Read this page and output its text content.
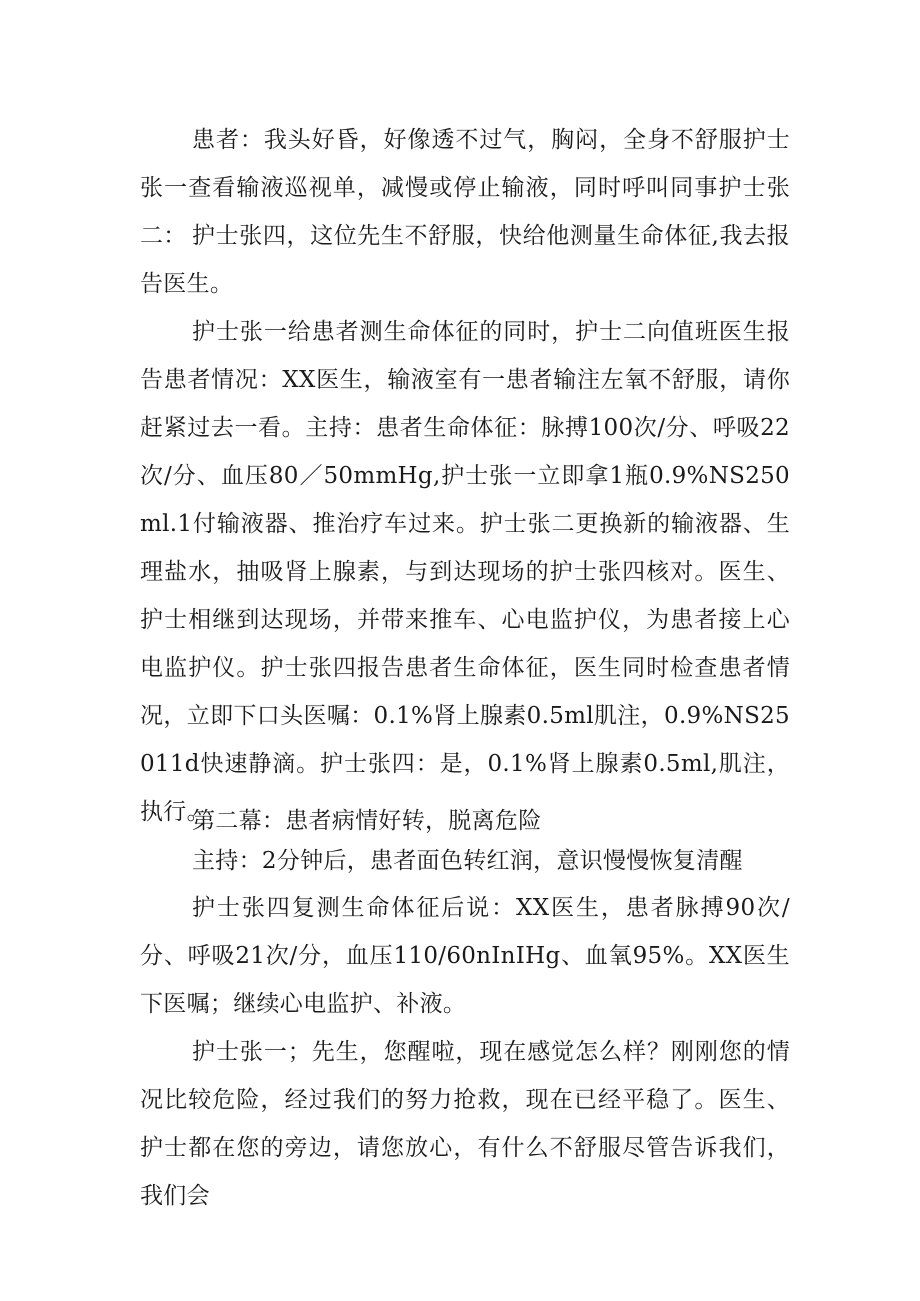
患者：我头好昏，好像透不过气，胸闷，全身不舒服护士张一查看输液巡视单，减慢或停止输液，同时呼叫同事护士张二： 护士张四，这位先生不舒服，快给他测量生命体征,我去报告医生。

护士张一给患者测生命体征的同时，护士二向值班医生报告患者情况：XX医生，输液室有一患者输注左氧不舒服，请你赶紧过去一看。主持：患者生命体征：脉搏100次/分、呼吸22次/分、血压80／50mmHg,护士张一立即拿1瓶0.9%NS250ml.1付输液器、推治疗车过来。护士张二更换新的输液器、生理盐水，抽吸肾上腺素，与到达现场的护士张四核对。医生、护士相继到达现场，并带来推车、心电监护仪，为患者接上心电监护仪。护士张四报告患者生命体征，医生同时检查患者情况，立即下口头医嘱：0.1%肾上腺素0.5ml肌注，0.9%NS25011d快速静滴。护士张四：是，0.1%肾上腺素0.5ml,肌注，执行。

第二幕：患者病情好转，脱离危险

主持：2分钟后，患者面色转红润，意识慢慢恢复清醒

护士张四复测生命体征后说：XX医生，患者脉搏90次/分、呼吸21次/分，血压110/60nInIHg、血氧95%。XX医生下医嘱；继续心电监护、补液。

护士张一；先生，您醒啦，现在感觉怎么样？刚刚您的情况比较危险，经过我们的努力抢救，现在已经平稳了。医生、护士都在您的旁边，请您放心，有什么不舒服尽管告诉我们，我们会
